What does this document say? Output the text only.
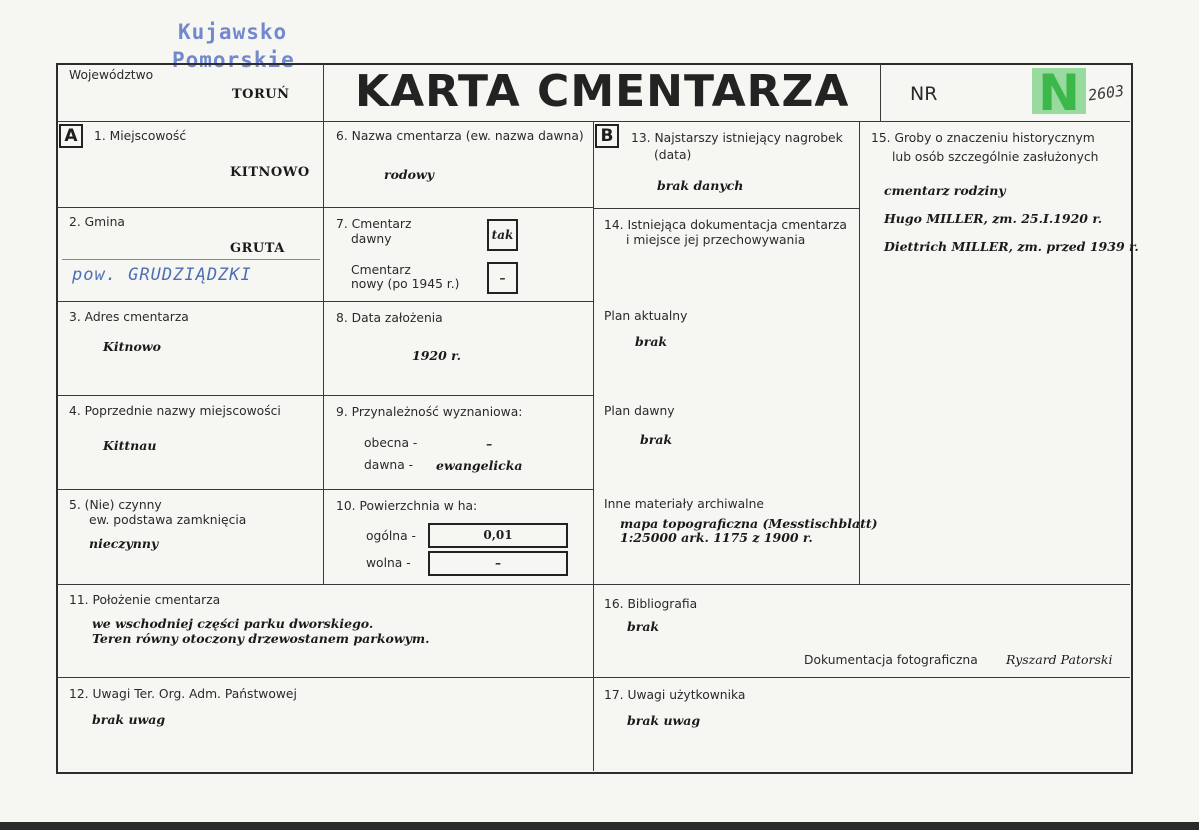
Kujawsko
Pomorskie
Województwo
TORUŃ KARTA CMENTARZA	NR N 2603
A	B
1. Miejscowość
KITNOWO
2. Gmina
GRUTA
pow. GRUDZIĄDZKI
3. Adres cmentarza
Kitnowo
4. Poprzednie nazwy miejscowości
Kittnau
5. (Nie) czynny
ew. podstawa zamknięcia
nieczynny
6. Nazwa cmentarza (ew. nazwa dawna)
rodowy
7. Cmentarz
dawny	tak
Cmentarz
nowy (po 1945 r.)	–
8. Data założenia
1920 r.
9. Przynależność wyznaniowa:
obecna -	–
dawna - ewangelicka
10. Powierzchnia w ha:
ogólna -	0,01
wolna -	–
11. Położenie cmentarza
we wschodniej części parku dworskiego.
Teren równy otoczony drzewostanem parkowym.
12. Uwagi Ter. Org. Adm. Państwowej
brak uwag
13. Najstarszy istniejący nagrobek
(data)
brak danych
14. Istniejąca dokumentacja cmentarza
i miejsce jej przechowywania
Plan aktualny
brak
Plan dawny
brak
Inne materiały archiwalne
mapa topograficzna (Messtischblatt)
1:25000 ark. 1175 z 1900 r.
15. Groby o znaczeniu historycznym
lub osób szczególnie zasłużonych
cmentarz rodziny
Hugo MILLER, zm. 25.I.1920 r.
Diettrich MILLER, zm. przed 1939 r.
16. Bibliografia
brak
Dokumentacja fotograficzna Ryszard Patorski
17. Uwagi użytkownika
brak uwag
